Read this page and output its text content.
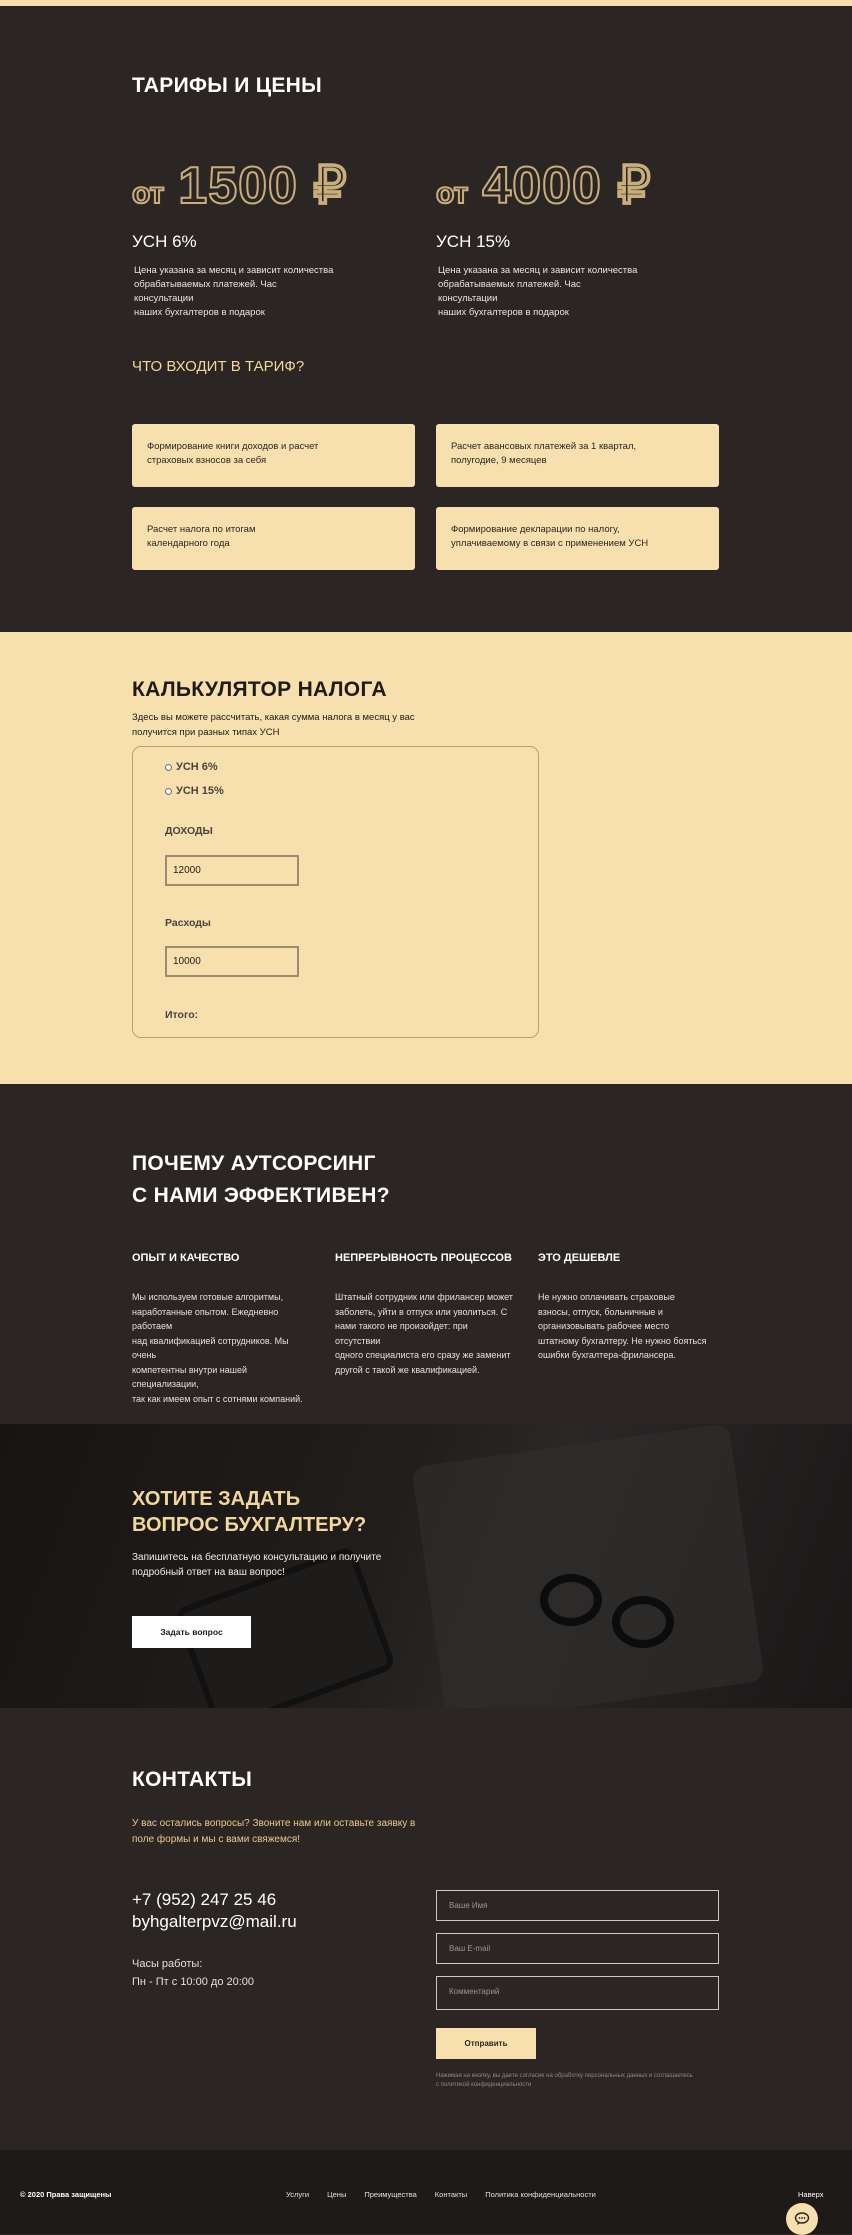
ТАРИФЫ И ЦЕНЫ
от 1500 ₽
УСН 6%
Цена указана за месяц и зависит количества
обрабатываемых платежей. Час консультации
наших бухгалтеров в подарок
от 4000 ₽
УСН 15%
Цена указана за месяц и зависит количества
обрабатываемых платежей. Час консультации
наших бухгалтеров в подарок
ЧТО ВХОДИТ В ТАРИФ?
Формирование книги доходов и расчет
страховых взносов за себя
Расчет авансовых платежей за 1 квартал,
полугодие, 9 месяцев
Расчет налога по итогам
календарного года
Формирование декларации по налогу,
уплачиваемому в связи с применением УСН
КАЛЬКУЛЯТОР НАЛОГА
Здесь вы можете рассчитать, какая сумма налога в месяц у вас
получится при разных типах УСН
УСН 6%
УСН 15%
ДОХОДЫ
12000
Расходы
10000
Итого:
ПОЧЕМУ АУТСОРСИНГ
С НАМИ ЭФФЕКТИВЕН?
ОПЫТ И КАЧЕСТВО
Мы используем готовые алгоритмы,
наработанные опытом. Ежедневно работаем
над квалификацией сотрудников. Мы очень
компетентны внутри нашей специализации,
так как имеем опыт с сотнями компаний.
НЕПРЕРЫВНОСТЬ ПРОЦЕССОВ
Штатный сотрудник или фрилансер может
заболеть, уйти в отпуск или уволиться. С
нами такого не произойдет: при отсутствии
одного специалиста его сразу же заменит
другой с такой же квалификацией.
ЭТО ДЕШЕВЛЕ
Не нужно оплачивать страховые
взносы, отпуск, больничные и
организовывать рабочее место
штатному бухгалтеру. Не нужно бояться
ошибки бухгалтера-фрилансера.
ХОТИТЕ ЗАДАТЬ
ВОПРОС БУХГАЛТЕРУ?
Запишитесь на бесплатную консультацию и получите
подробный ответ на ваш вопрос!
Задать вопрос
КОНТАКТЫ
У вас остались вопросы? Звоните нам или оставьте заявку в
поле формы и мы с вами свяжемся!
+7 (952) 247 25 46
byhgalterpvz@mail.ru
Часы работы:
Пн - Пт с 10:00 до 20:00
Ваше Имя
Ваш E-mail
Комментарий
Отправить
Нажимая на кнопку, вы даете согласие на обработку персональных данных и соглашаетесь
с политикой конфиденциальности
© 2020 Права защищены	Услуги Цены Преимущества Контакты Политика конфиденциальности	Наверх
